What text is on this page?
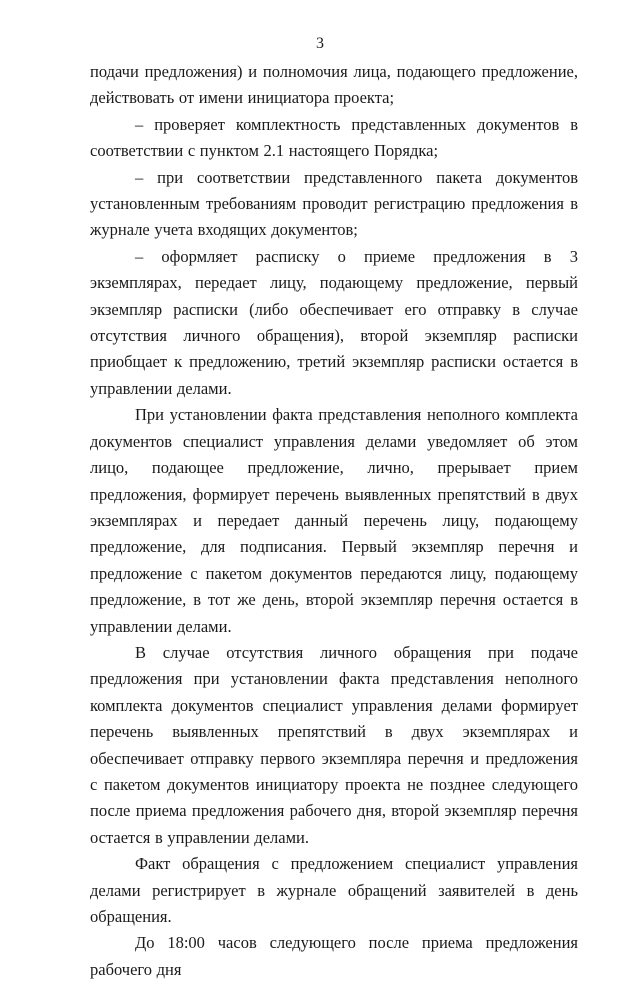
3

подачи предложения) и полномочия лица, подающего предложение, действовать от имени инициатора проекта;

– проверяет комплектность представленных документов в соответствии с пунктом 2.1 настоящего Порядка;

– при соответствии представленного пакета документов установленным требованиям проводит регистрацию предложения в журнале учета входящих документов;

– оформляет расписку о приеме предложения в 3 экземплярах, передает лицу, подающему предложение, первый экземпляр расписки (либо обеспечивает его отправку в случае отсутствия личного обращения), второй экземпляр расписки приобщает к предложению, третий экземпляр расписки остается в управлении делами.

При установлении факта представления неполного комплекта документов специалист управления делами уведомляет об этом лицо, подающее предложение, лично, прерывает прием предложения, формирует перечень выявленных препятствий в двух экземплярах и передает данный перечень лицу, подающему предложение, для подписания. Первый экземпляр перечня и предложение с пакетом документов передаются лицу, подающему предложение, в тот же день, второй экземпляр перечня остается в управлении делами.

В случае отсутствия личного обращения при подаче предложения при установлении факта представления неполного комплекта документов специалист управления делами формирует перечень выявленных препятствий в двух экземплярах и обеспечивает отправку первого экземпляра перечня и предложения с пакетом документов инициатору проекта не позднее следующего после приема предложения рабочего дня, второй экземпляр перечня остается в управлении делами.

Факт обращения с предложением специалист управления делами регистрирует в журнале обращений заявителей в день обращения.

До 18:00 часов следующего после приема предложения рабочего дня
